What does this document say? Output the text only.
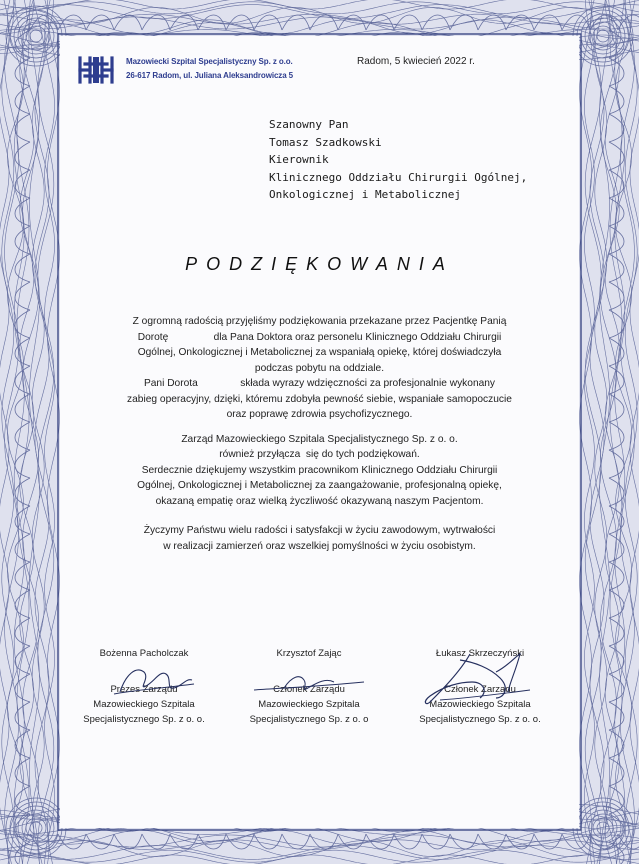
Mazowiecki Szpital Specjalistyczny Sp. z o.o.
26-617 Radom, ul. Juliana Aleksandrowicza 5
Radom, 5 kwiecień 2022 r.
Szanowny Pan
Tomasz Szadkowski
Kierownik
Klinicznego Oddziału Chirurgii Ogólnej,
Onkologicznej i Metabolicznej
PODZIĘKOWANIA

Z ogromną radością przyjęliśmy podziękowania przekazane przez Pacjentkę Panią

Dorotę                dla Pana Doktora oraz personelu Klinicznego Oddziału Chirurgii

Ogólnej, Onkologicznej i Metabolicznej za wspaniałą opiekę, której doświadczyła

podczas pobytu na oddziale.

Pani Dorota               składa wyrazy wdzięczności za profesjonalnie wykonany

zabieg operacyjny, dzięki, któremu zdobyła pewność siebie, wspaniałe samopoczucie

oraz poprawę zdrowia psychofizycznego.

Zarząd Mazowieckiego Szpitala Specjalistycznego Sp. z o. o.

również przyłącza  się do tych podziękowań.

Serdecznie dziękujemy wszystkim pracownikom Klinicznego Oddziału Chirurgii

Ogólnej, Onkologicznej i Metabolicznej za zaangażowanie, profesjonalną opiekę,

okazaną empatię oraz wielką życzliwość okazywaną naszym Pacjentom.

Życzymy Państwu wielu radości i satysfakcji w życiu zawodowym, wytrwałości

w realizacji zamierzeń oraz wszelkiej pomyślności w życiu osobistym.

Bożenna Pacholczak
Prezes Zarządu
Mazowieckiego Szpitala
Specjalistycznego Sp. z o. o.
Krzysztof Zając
Członek Zarządu
Mazowieckiego Szpitala
Specjalistycznego Sp. z o. o
Łukasz Skrzeczyński
Członek Zarządu
Mazowieckiego Szpitala
Specjalistycznego Sp. z o. o.
